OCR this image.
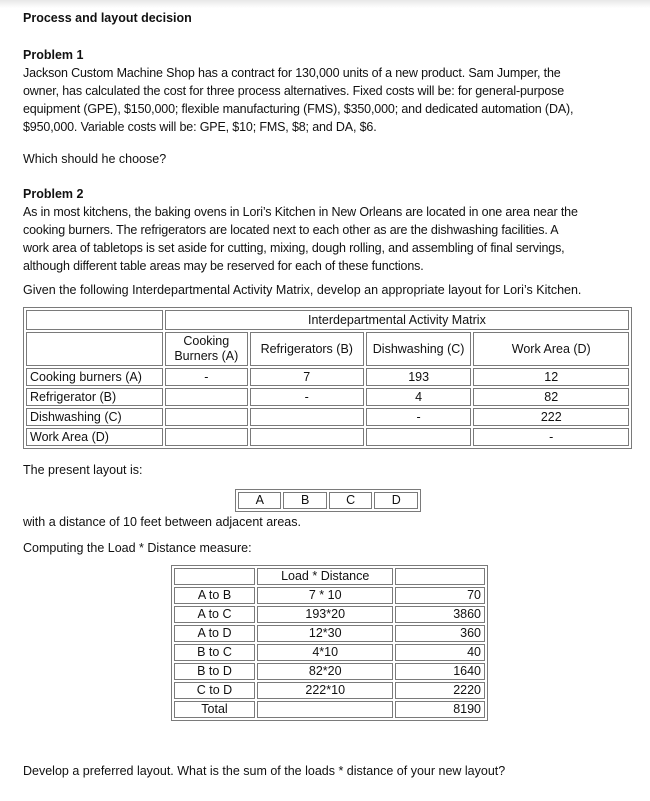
Process and layout decision
Problem 1
Jackson Custom Machine Shop has a contract for 130,000 units of a new product. Sam Jumper, the
owner, has calculated the cost for three process alternatives. Fixed costs will be: for general-purpose
equipment (GPE), $150,000; flexible manufacturing (FMS), $350,000; and dedicated automation (DA),
$950,000. Variable costs will be: GPE, $10; FMS, $8; and DA, $6.
Which should he choose?
Problem 2
As in most kitchens, the baking ovens in Lori’s Kitchen in New Orleans are located in one area near the
cooking burners. The refrigerators are located next to each other as are the dishwashing facilities. A
work area of tabletops is set aside for cutting, mixing, dough rolling, and assembling of final servings,
although different table areas may be reserved for each of these functions.
Given the following Interdepartmental Activity Matrix, develop an appropriate layout for Lori’s Kitchen.
	Interdepartmental Activity Matrix			

	Cooking
Burners (A)	Refrigerators (B)	Dishwashing (C)	Work Area (D)
Cooking burners (A)	-	7	193	12
Refrigerator (B)		-	4	82
Dishwashing (C)			-	222
Work Area (D)				-
The present layout is:
A	B	C	D
with a distance of 10 feet between adjacent areas.
Computing the Load * Distance measure:
	Load * Distance	
A to B	7 * 10	70
A to C	193*20	3860
A to D	12*30	360
B to C	4*10	40
B to D	82*20	1640
C to D	222*10	2220
Total		8190
Develop a preferred layout. What is the sum of the loads * distance of your new layout?
